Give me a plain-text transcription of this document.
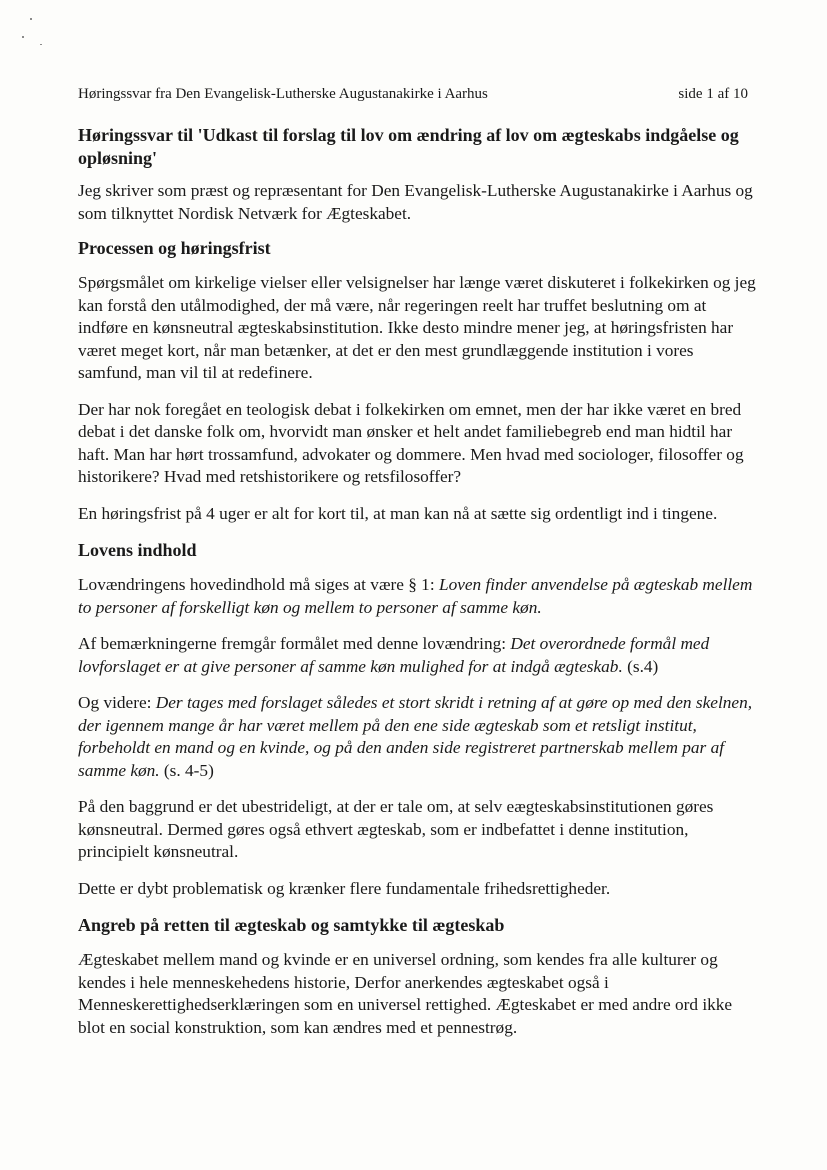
Høringssvar fra Den Evangelisk-Lutherske Augustanakirke i Aarhus	side 1 af 10
Høringssvar til 'Udkast til forslag til lov om ændring af lov om ægteskabs indgåelse og opløsning'

Jeg skriver som præst og repræsentant for Den Evangelisk-Lutherske Augustanakirke i Aarhus og som tilknyttet Nordisk Netværk for Ægteskabet.

Processen og høringsfrist

Spørgsmålet om kirkelige vielser eller velsignelser har længe været diskuteret i folkekirken og jeg kan forstå den utålmodighed, der må være, når regeringen reelt har truffet beslutning om at indføre en kønsneutral ægteskabsinstitution. Ikke desto mindre mener jeg, at høringsfristen har været meget kort, når man betænker, at det er den mest grundlæggende institution i vores samfund, man vil til at redefinere.

Der har nok foregået en teologisk debat i folkekirken om emnet, men der har ikke været en bred debat i det danske folk om, hvorvidt man ønsker et helt andet familiebegreb end man hidtil har haft. Man har hørt trossamfund, advokater og dommere. Men hvad med sociologer, filosoffer og historikere? Hvad med retshistorikere og retsfilosoffer?

En høringsfrist på 4 uger er alt for kort til, at man kan nå at sætte sig ordentligt ind i tingene.

Lovens indhold

Lovændringens hovedindhold må siges at være § 1: Loven finder anvendelse på ægteskab mellem to personer af forskelligt køn og mellem to personer af samme køn.

Af bemærkningerne fremgår formålet med denne lovændring: Det overordnede formål med lovforslaget er at give personer af samme køn mulighed for at indgå ægteskab. (s.4)

Og videre: Der tages med forslaget således et stort skridt i retning af at gøre op med den skelnen, der igennem mange år har været mellem på den ene side ægteskab som et retsligt institut, forbeholdt en mand og en kvinde, og på den anden side registreret partnerskab mellem par af samme køn. (s. 4-5)

På den baggrund er det ubestrideligt, at der er tale om, at selv eægteskabsinstitutionen gøres kønsneutral. Dermed gøres også ethvert ægteskab, som er indbefattet i denne institution, principielt kønsneutral.

Dette er dybt problematisk og krænker flere fundamentale frihedsrettigheder.

Angreb på retten til ægteskab og samtykke til ægteskab

Ægteskabet mellem mand og kvinde er en universel ordning, som kendes fra alle kulturer og kendes i hele menneskehedens historie, Derfor anerkendes ægteskabet også i Menneskerettighedserklæringen som en universel rettighed. Ægteskabet er med andre ord ikke blot en social konstruktion, som kan ændres med et pennestrøg.
